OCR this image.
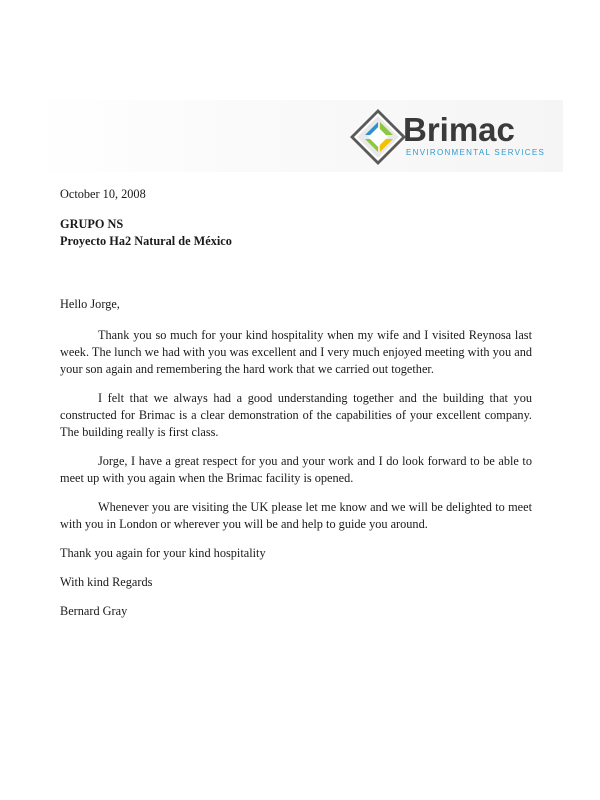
Brimac
ENVIRONMENTAL SERVICES

October 10, 2008

GRUPO NS
Proyecto Ha2 Natural de México

Hello Jorge,

Thank you so much for your kind hospitality when my wife and I visited Reynosa last week. The lunch we had with you was excellent and I very much enjoyed meeting with you and your son again and remembering the hard work that we carried out together.

I felt that we always had a good understanding together and the building that you constructed for Brimac is a clear demonstration of the capabilities of your excellent company. The building really is first class.

Jorge, I have a great respect for you and your work and I do look forward to be able to meet up with you again when the Brimac facility is opened.

Whenever you are visiting the UK please let me know and we will be delighted to meet with you in London or wherever you will be and help to guide you around.

Thank you again for your kind hospitality

With kind Regards

Bernard Gray
